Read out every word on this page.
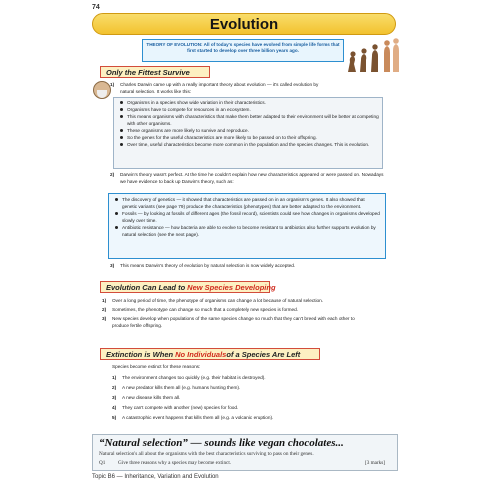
74
Evolution
THEORY OF EVOLUTION: All of today's species have evolved from simple life forms that first started to develop over three billion years ago.
Only the Fittest Survive
1) Charles Darwin came up with a really important theory about evolution — it's called evolution by natural selection. It works like this:
Organisms in a species show wide variation in their characteristics.
Organisms have to compete for resources in an ecosystem.
This means organisms with characteristics that make them better adapted to their environment will be better at competing with other organisms.
These organisms are more likely to survive and reproduce.
So the genes for the useful characteristics are more likely to be passed on to their offspring.
Over time, useful characteristics become more common in the population and the species changes. This is evolution.
2) Darwin's theory wasn't perfect. At the time he couldn't explain how new characteristics appeared or were passed on. Nowadays we have evidence to back up Darwin's theory, such as:
The discovery of genetics — it showed that characteristics are passed on in an organism's genes. It also showed that genetic variants (see page 79) produce the characteristics (phenotypes) that are better adapted to the environment.
Fossils — by looking at fossils of different ages (the fossil record), scientists could see how changes in organisms developed slowly over time.
Antibiotic resistance — how bacteria are able to evolve to become resistant to antibiotics also further supports evolution by natural selection (see the next page).
3) This means Darwin's theory of evolution by natural selection is now widely accepted.
Evolution Can Lead to New Species Developing
1) Over a long period of time, the phenotype of organisms can change a lot because of natural selection.
2) Sometimes, the phenotype can change so much that a completely new species is formed.
3) New species develop when populations of the same species change so much that they can't breed with each other to produce fertile offspring.
Extinction is When No Individuals of a Species Are Left
Species become extinct for these reasons:
1) The environment changes too quickly (e.g. their habitat is destroyed).
2) A new predator kills them all (e.g. humans hunting them).
3) A new disease kills them all.
4) They can't compete with another (new) species for food.
5) A catastrophic event happens that kills them all (e.g. a volcanic eruption).
“Natural selection” — sounds like vegan chocolates...
Natural selection's all about the organisms with the best characteristics surviving to pass on their genes.
Q1 Give three reasons why a species may become extinct.	[3 marks]
Topic B6 — Inheritance, Variation and Evolution
